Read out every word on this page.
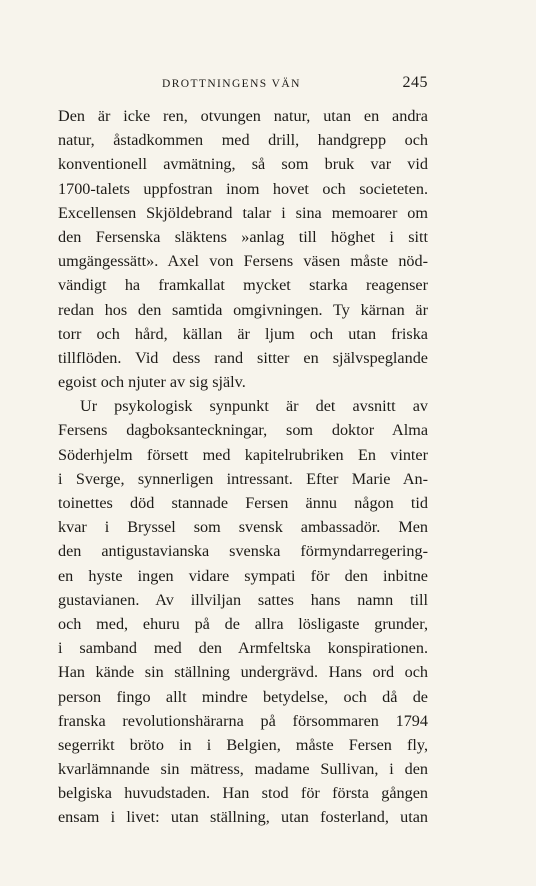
DROTTNINGENS VÄN	245
Den är icke ren, otvungen natur, utan en andra
natur, åstadkommen med drill, handgrepp och
konventionell avmätning, så som bruk var vid
1700-talets uppfostran inom hovet och societeten.
Excellensen Skjöldebrand talar i sina memoarer om
den Fersenska släktens »anlag till höghet i sitt
umgängessätt». Axel von Fersens väsen måste nöd-
vändigt ha framkallat mycket starka reagenser
redan hos den samtida omgivningen. Ty kärnan är
torr och hård, källan är ljum och utan friska
tillflöden. Vid dess rand sitter en självspeglande
egoist och njuter av sig själv.
Ur psykologisk synpunkt är det avsnitt av
Fersens dagboksanteckningar, som doktor Alma
Söderhjelm försett med kapitelrubriken En vinter
i Sverge, synnerligen intressant. Efter Marie An-
toinettes död stannade Fersen ännu någon tid
kvar i Bryssel som svensk ambassadör. Men
den antigustavianska svenska förmyndarregering-
en hyste ingen vidare sympati för den inbitne
gustavianen. Av illviljan sattes hans namn till
och med, ehuru på de allra lösligaste grunder,
i samband med den Armfeltska konspirationen.
Han kände sin ställning undergrävd. Hans ord och
person fingo allt mindre betydelse, och då de
franska revolutionshärarna på försommaren 1794
segerrikt bröto in i Belgien, måste Fersen fly,
kvarlämnande sin mätress, madame Sullivan, i den
belgiska huvudstaden. Han stod för första gången
ensam i livet: utan ställning, utan fosterland, utan
